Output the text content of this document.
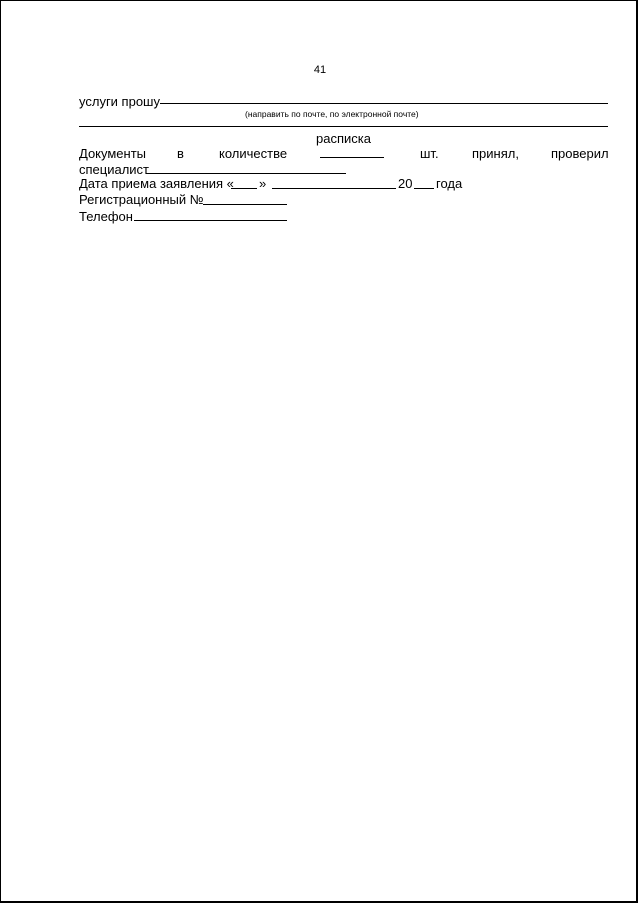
41
услуги прошу
(направить по почте, по электронной почте)
расписка
Документы в	количестве	шт.	принял, проверил
специалист
Дата приема заявления « »	20 года
Регистрационный №
Телефон
